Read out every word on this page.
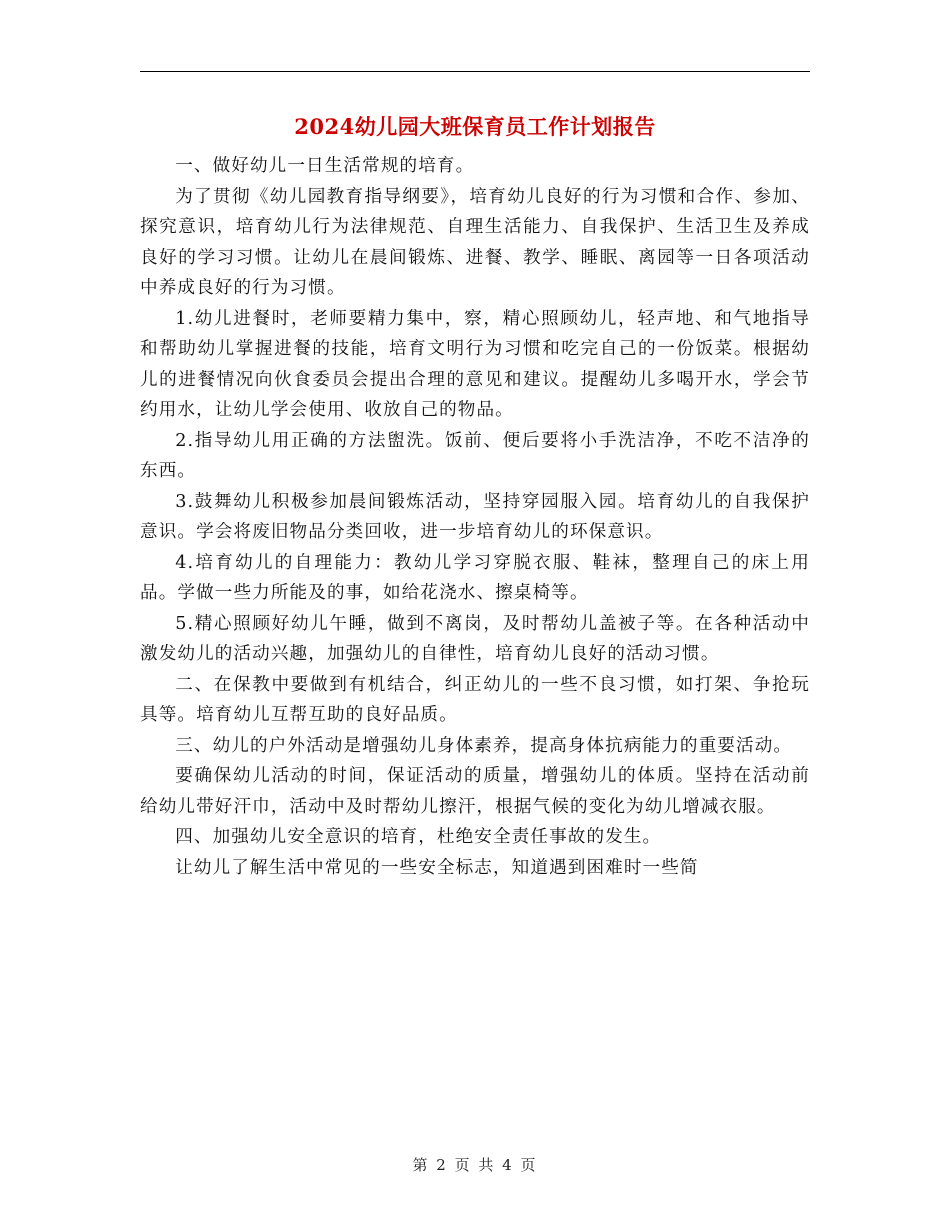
2024幼儿园大班保育员工作计划报告

一、做好幼儿一日生活常规的培育。

为了贯彻《幼儿园教育指导纲要》，培育幼儿良好的行为习惯和合作、参加、探究意识，培育幼儿行为法律规范、自理生活能力、自我保护、生活卫生及养成良好的学习习惯。让幼儿在晨间锻炼、进餐、教学、睡眠、离园等一日各项活动中养成良好的行为习惯。

1.幼儿进餐时，老师要精力集中，察，精心照顾幼儿，轻声地、和气地指导和帮助幼儿掌握进餐的技能，培育文明行为习惯和吃完自己的一份饭菜。根据幼儿的进餐情况向伙食委员会提出合理的意见和建议。提醒幼儿多喝开水，学会节约用水，让幼儿学会使用、收放自己的物品。

2.指导幼儿用正确的方法盥洗。饭前、便后要将小手洗洁净，不吃不洁净的东西。

3.鼓舞幼儿积极参加晨间锻炼活动，坚持穿园服入园。培育幼儿的自我保护意识。学会将废旧物品分类回收，进一步培育幼儿的环保意识。

4.培育幼儿的自理能力：教幼儿学习穿脱衣服、鞋袜，整理自己的床上用品。学做一些力所能及的事，如给花浇水、擦桌椅等。

5.精心照顾好幼儿午睡，做到不离岗，及时帮幼儿盖被子等。在各种活动中激发幼儿的活动兴趣，加强幼儿的自律性，培育幼儿良好的活动习惯。

二、在保教中要做到有机结合，纠正幼儿的一些不良习惯，如打架、争抢玩具等。培育幼儿互帮互助的良好品质。

三、幼儿的户外活动是增强幼儿身体素养，提高身体抗病能力的重要活动。

要确保幼儿活动的时间，保证活动的质量，增强幼儿的体质。坚持在活动前给幼儿带好汗巾，活动中及时帮幼儿擦汗，根据气候的变化为幼儿增减衣服。

四、加强幼儿安全意识的培育，杜绝安全责任事故的发生。

让幼儿了解生活中常见的一些安全标志，知道遇到困难时一些简

第 2 页 共 4 页
